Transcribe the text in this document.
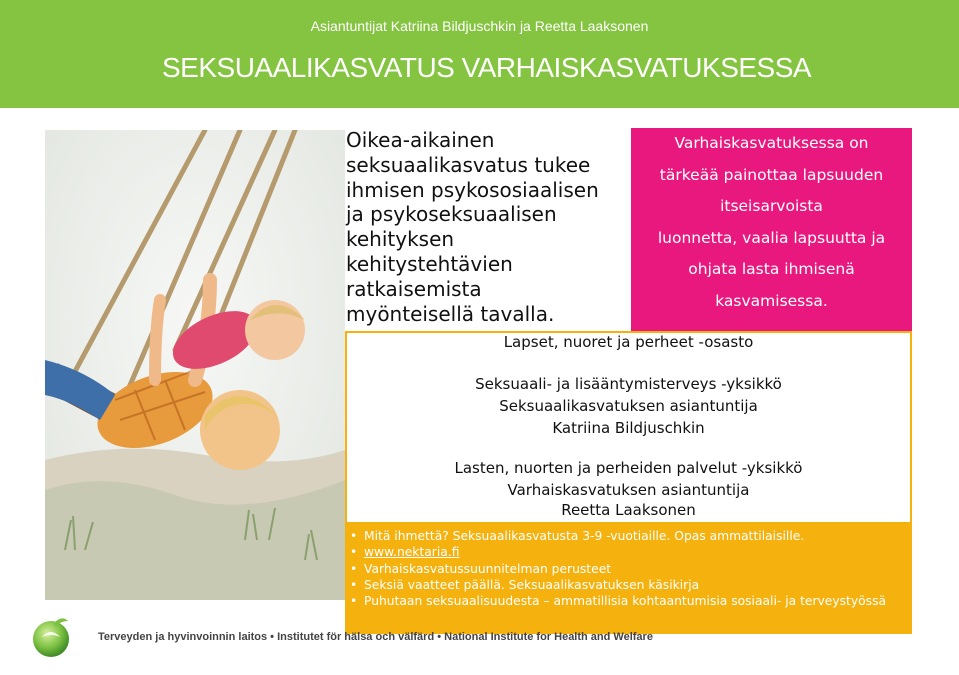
Asiantuntijat Katriina Bildjuschkin ja Reetta Laaksonen
SEKSUAALIKASVATUS VARHAISKASVATUKSESSA
Oikea-aikainen
seksuaalikasvatus tukee
ihmisen psykososiaalisen
ja psykoseksuaalisen
kehityksen
kehitystehtävien
ratkaisemista
myönteisellä tavalla.
Varhaiskasvatuksessa on
tärkeää painottaa lapsuuden
itseisarvoista
luonnetta, vaalia lapsuutta ja
ohjata lasta ihmisenä
kasvamisessa.
• Mitä ihmettä? Seksuaalikasvatusta 3-9 -vuotiaille. Opas ammattilaisille.
• www.nektaria.fi
• Varhaiskasvatussuunnitelman perusteet
• Seksiä vaatteet päällä. Seksuaalikasvatuksen käsikirja
• Puhutaan seksuaalisuudesta – ammatillisia kohtaantumisia sosiaali- ja terveystyössä
Lapset, nuoret ja perheet -osasto
Seksuaali- ja lisääntymisterveys -yksikkö
Seksuaalikasvatuksen asiantuntija
Katriina Bildjuschkin
Lasten, nuorten ja perheiden palvelut -yksikkö
Varhaiskasvatuksen asiantuntija
Reetta Laaksonen
Terveyden ja hyvinvoinnin laitos • Institutet för hälsa och välfärd • National Institute for Health and Welfare
